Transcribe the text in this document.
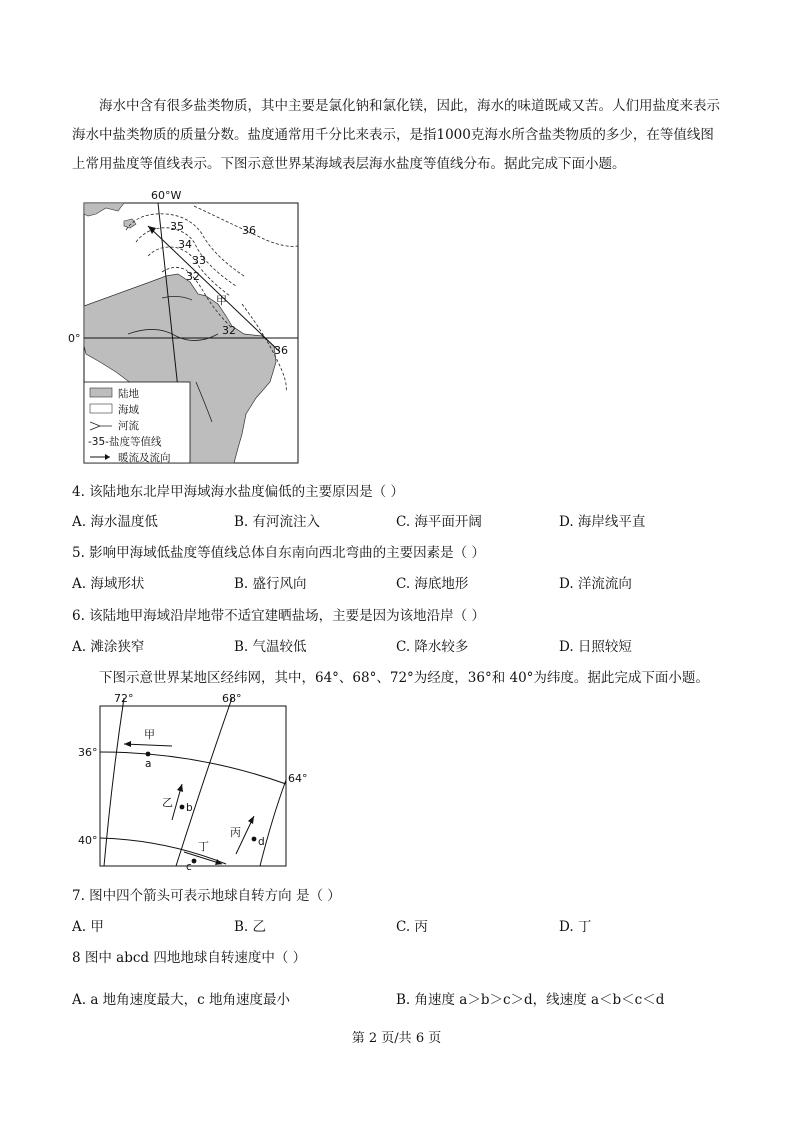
海水中含有很多盐类物质，其中主要是氯化钠和氯化镁，因此，海水的味道既咸又苦。人们用盐度来表示海水中盐类物质的质量分数。盐度通常用千分比来表示，是指1000克海水所含盐类物质的多少，在等值线图上常用盐度等值线表示。下图示意世界某海域表层海水盐度等值线分布。据此完成下面小题。
60°W
0°
35
34
33
32
36
32
36
甲
陆地
海域
河流
-35-盐度等值线
暖流及流向
4. 该陆地东北岸甲海域海水盐度偏低的主要原因是（ ）
A. 海水温度低	B. 有河流注入	C. 海平面开阔	D. 海岸线平直
5. 影响甲海域低盐度等值线总体自东南向西北弯曲的主要因素是（ ）
A. 海域形状	B. 盛行风向	C. 海底地形	D. 洋流流向
6. 该陆地甲海域沿岸地带不适宜建晒盐场，主要是因为该地沿岸（ ）
A. 滩涂狭窄	B. 气温较低	C. 降水较多	D. 日照较短
下图示意世界某地区经纬网，其中，64°、68°、72°为经度，36°和 40°为纬度。据此完成下面小题。
72°	68°
64°
36°
40°
甲
a
乙 b
丙
d
丁
c
7. 图中四个箭头可表示地球自转方向 是（ ）
A. 甲	B. 乙	C. 丙	D. 丁
8 图中 abcd 四地地球自转速度中（ ）
A. a 地角速度最大，c 地角速度最小	B. 角速度 a＞b＞c＞d，线速度 a＜b＜c＜d
第 2 页/共 6 页
